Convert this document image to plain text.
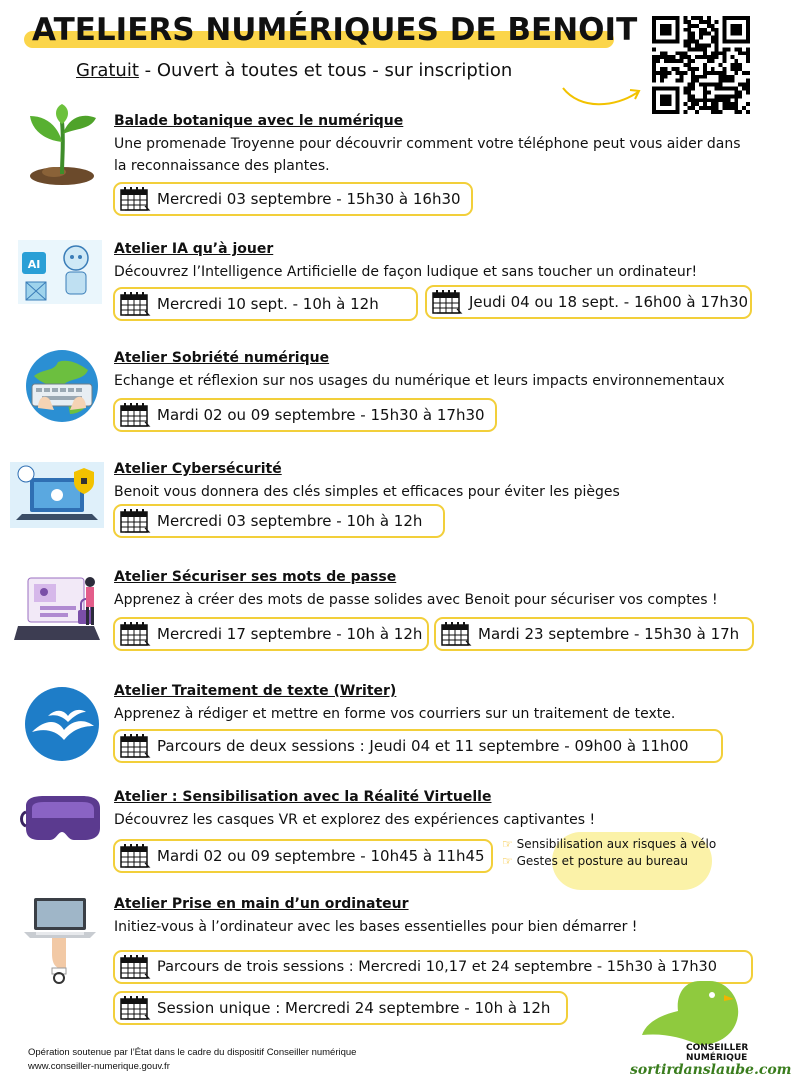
ATELIERS NUMÉRIQUES DE BENOIT
Gratuit - Ouvert à toutes et tous - sur inscription
Balade botanique avec le numérique
Une promenade Troyenne pour découvrir comment votre téléphone peut vous aider dans la reconnaissance des plantes.
Mercredi 03 septembre - 15h30 à 16h30
AI
Atelier IA qu’à jouer
Découvrez l’Intelligence Artificielle de façon ludique et sans toucher un ordinateur!
Mercredi 10 sept. - 10h à 12h	Jeudi 04 ou 18 sept. - 16h00 à 17h30
Atelier Sobriété numérique
Echange et réflexion sur nos usages du numérique et leurs impacts environnementaux
Mardi 02 ou 09 septembre - 15h30 à 17h30
Atelier Cybersécurité
Benoit vous donnera des clés simples et efficaces pour éviter les pièges
Mercredi 03 septembre - 10h à 12h
Atelier Sécuriser ses mots de passe
Apprenez à créer des mots de passe solides avec Benoit pour sécuriser vos comptes !
Mercredi 17 septembre - 10h à 12h	Mardi 23 septembre - 15h30 à 17h
Atelier Traitement de texte (Writer)
Apprenez à rédiger et mettre en forme vos courriers sur un traitement de texte.
Parcours de deux sessions : Jeudi 04 et 11 septembre - 09h00 à 11h00
Atelier : Sensibilisation avec la Réalité Virtuelle
Découvrez les casques VR et explorez des expériences captivantes !
Mardi 02 ou 09 septembre - 10h45 à 11h45
☞ Sensibilisation aux risques à vélo
☞ Gestes et posture au bureau
Atelier Prise en main d’un ordinateur
Initiez-vous à l’ordinateur avec les bases essentielles pour bien démarrer !
Parcours de trois sessions : Mercredi 10,17 et 24 septembre - 15h30 à 17h30
Session unique : Mercredi 24 septembre - 10h à 12h
Opération soutenue par l’État dans le cadre du dispositif Conseiller numérique
www.conseiller-numerique.gouv.fr
CONSEILLER
NUMÉRIQUE
sortirdanslaube.com
